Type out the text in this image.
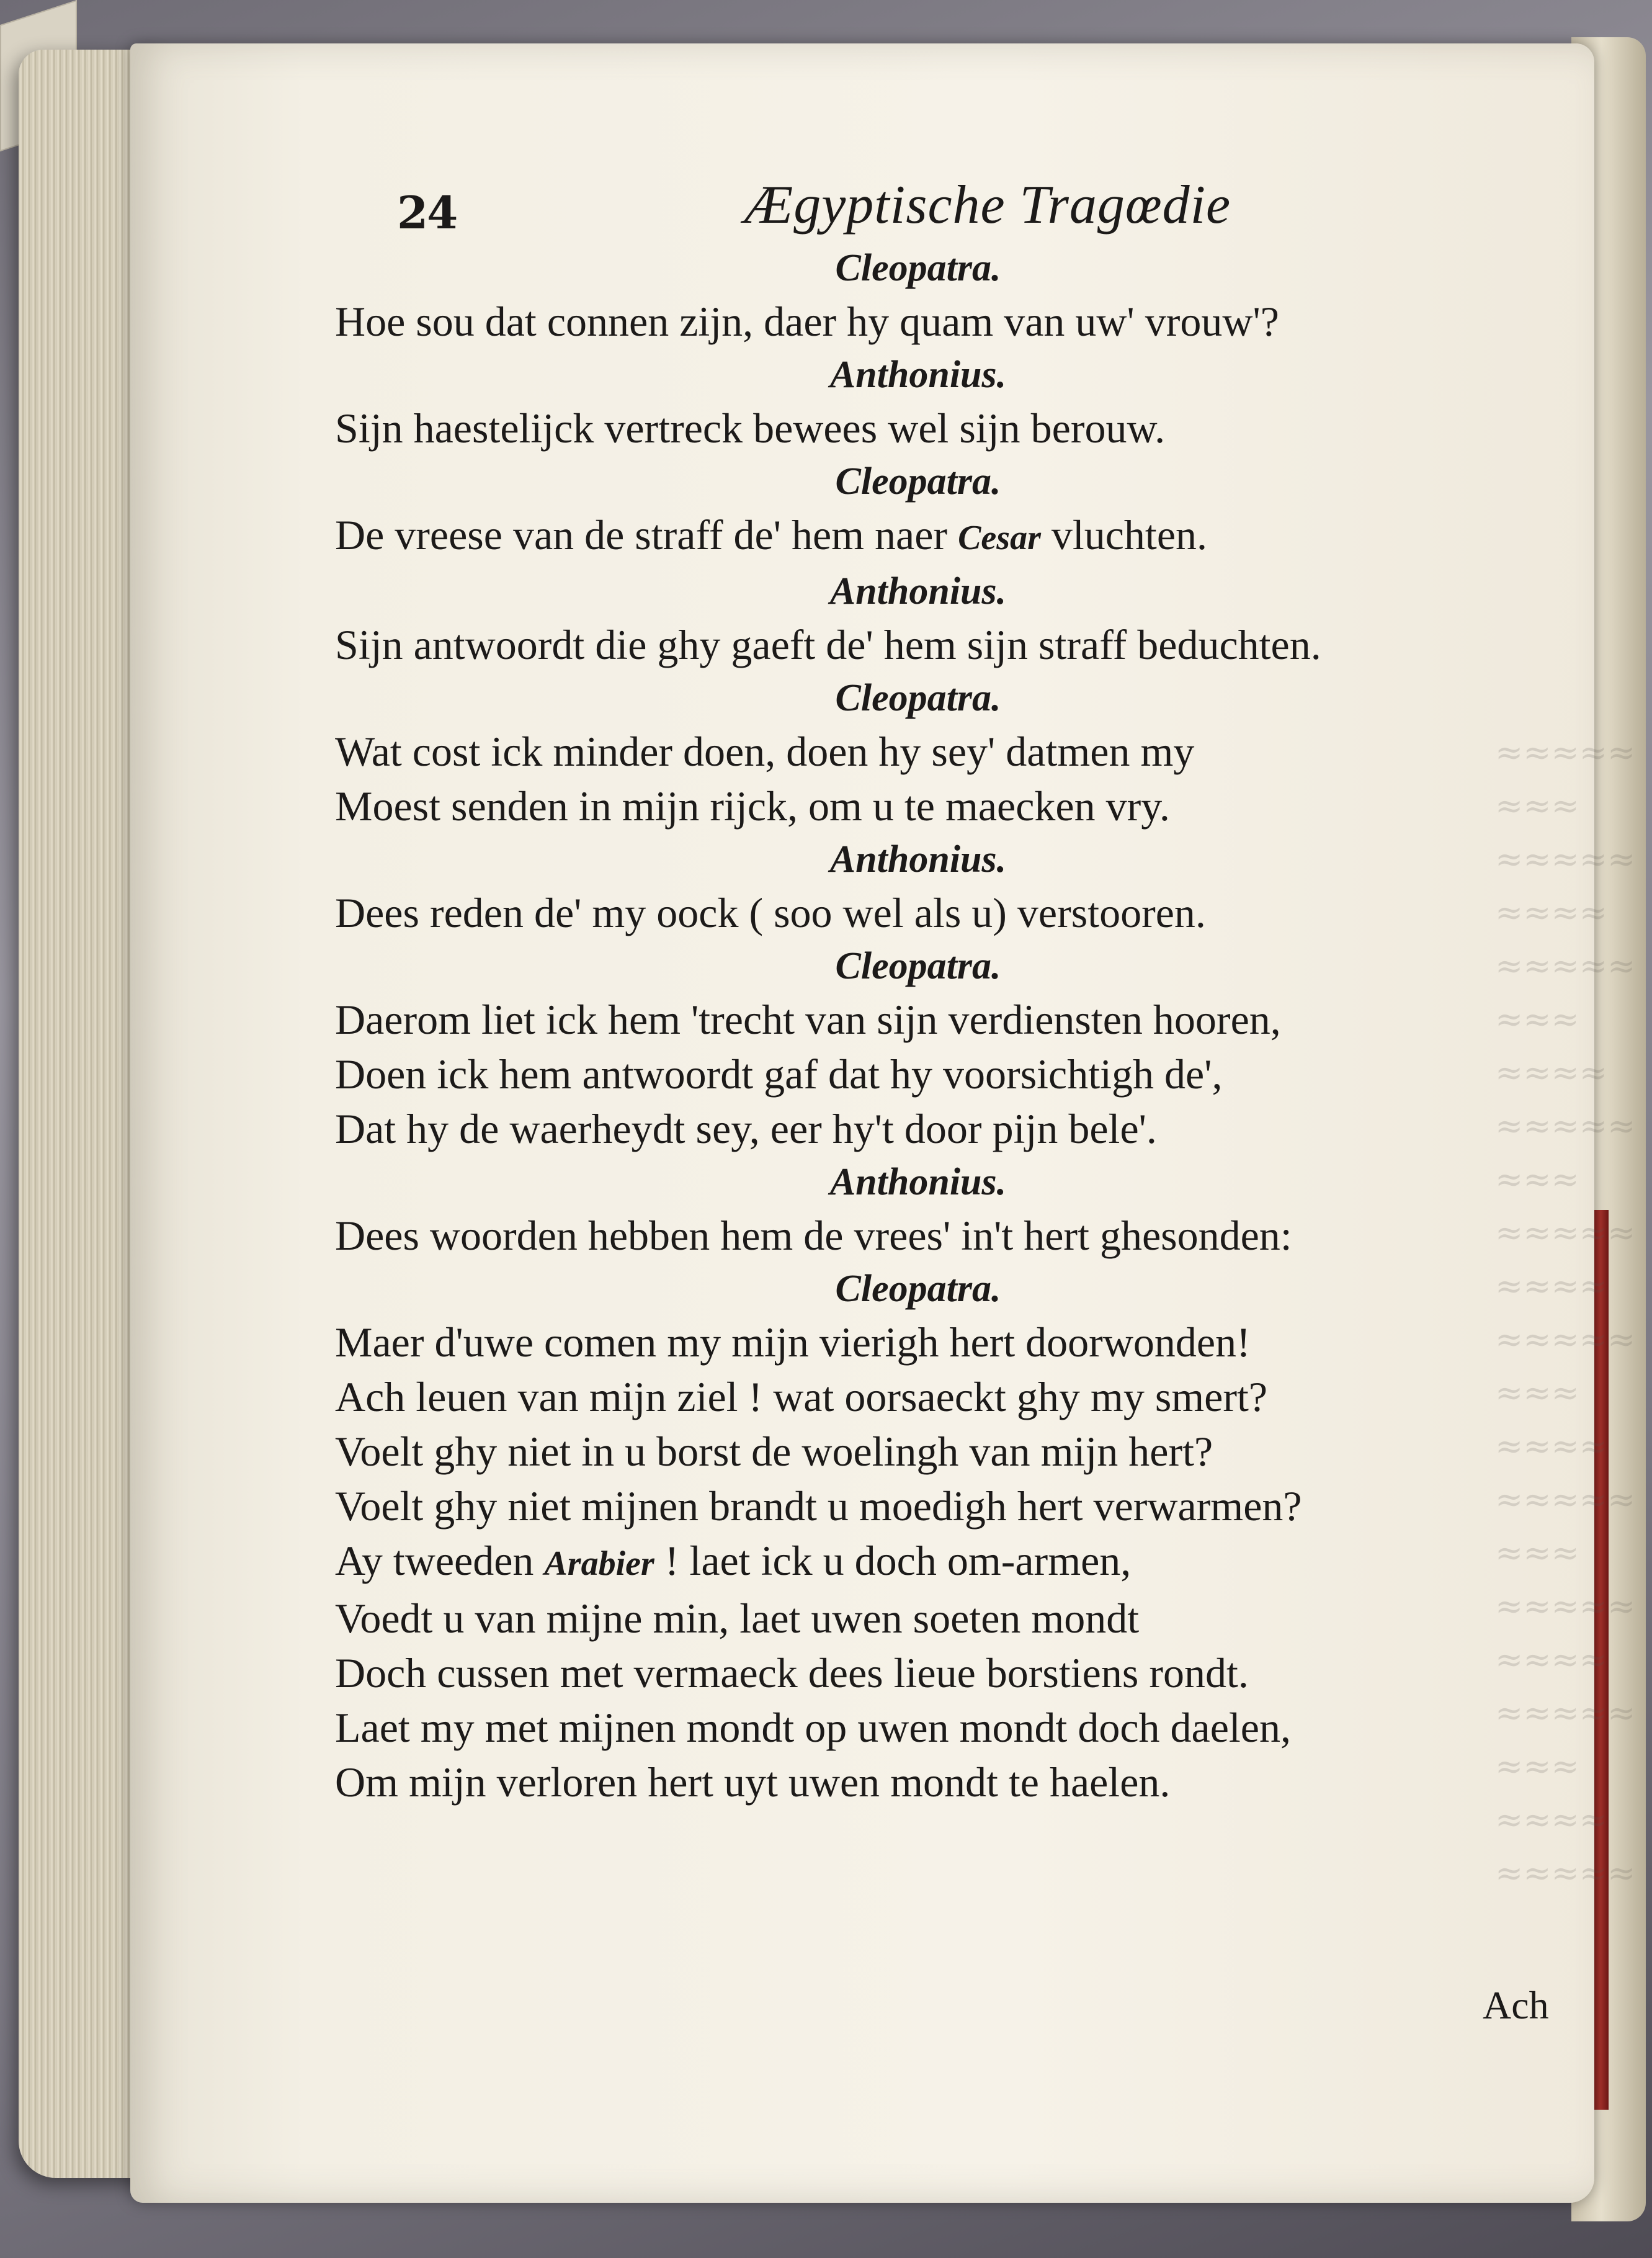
≈≈≈≈≈
≈≈≈
≈≈≈≈≈
≈≈≈≈
≈≈≈≈≈
≈≈≈
≈≈≈≈
≈≈≈≈≈
≈≈≈
≈≈≈≈≈
≈≈≈≈
≈≈≈≈≈
≈≈≈
≈≈≈≈
≈≈≈≈≈
≈≈≈
≈≈≈≈≈
≈≈≈≈
≈≈≈≈≈
≈≈≈
≈≈≈≈
≈≈≈≈≈
24	Ægyptische Tragœdie
Cleopatra.
Hoe sou dat connen zijn, daer hy quam van uw' vrouw'?
Anthonius.
Sijn haestelijck vertreck bewees wel sijn berouw.
Cleopatra.
De vreese van de straff de' hem naer Cesar vluchten.
Anthonius.
Sijn antwoordt die ghy gaeft de' hem sijn straff beduchten.
Cleopatra.
Wat cost ick minder doen, doen hy sey' datmen my
Moest senden in mijn rijck, om u te maecken vry.
Anthonius.
Dees reden de' my oock ( soo wel als u) verstooren.
Cleopatra.
Daerom liet ick hem 'trecht van sijn verdiensten hooren,
Doen ick hem antwoordt gaf dat hy voorsichtigh de',
Dat hy de waerheydt sey, eer hy't door pijn bele'.
Anthonius.
Dees woorden hebben hem de vrees' in't hert ghesonden:
Cleopatra.
Maer d'uwe comen my mijn vierigh hert doorwonden!
Ach leuen van mijn ziel ! wat oorsaeckt ghy my smert?
Voelt ghy niet in u borst de woelingh van mijn hert?
Voelt ghy niet mijnen brandt u moedigh hert verwarmen?
Ay tweeden Arabier ! laet ick u doch om-armen,
Voedt u van mijne min, laet uwen soeten mondt
Doch cussen met vermaeck dees lieue borstiens rondt.
Laet my met mijnen mondt op uwen mondt doch daelen,
Om mijn verloren hert uyt uwen mondt te haelen.
Ach
